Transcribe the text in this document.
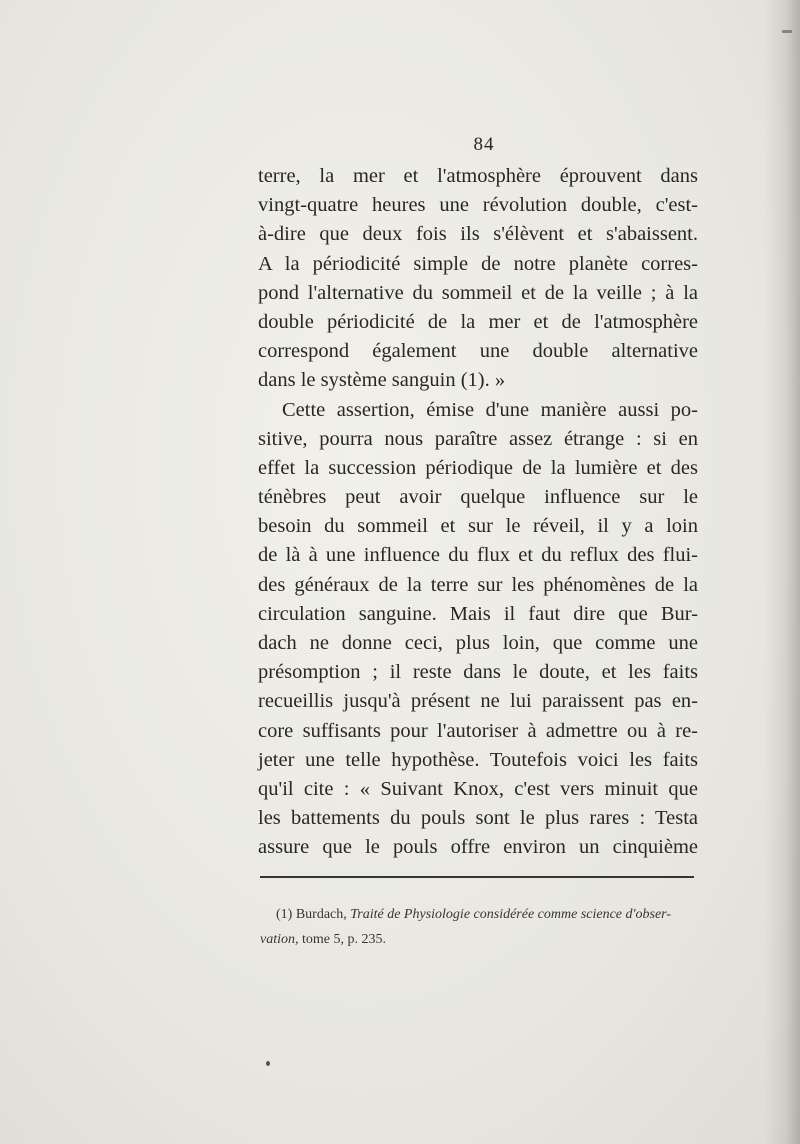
84
terre, la mer et l'atmosphère éprouvent dans
vingt-quatre heures une révolution double, c'est-
à-dire que deux fois ils s'élèvent et s'abaissent.
A la périodicité simple de notre planète corres-
pond l'alternative du sommeil et de la veille ; à la
double périodicité de la mer et de l'atmosphère
correspond également une double alternative
dans le système sanguin (1). »
Cette assertion, émise d'une manière aussi po-
sitive, pourra nous paraître assez étrange : si en
effet la succession périodique de la lumière et des
ténèbres peut avoir quelque influence sur le
besoin du sommeil et sur le réveil, il y a loin
de là à une influence du flux et du reflux des flui-
des généraux de la terre sur les phénomènes de la
circulation sanguine. Mais il faut dire que Bur-
dach ne donne ceci, plus loin, que comme une
présomption ; il reste dans le doute, et les faits
recueillis jusqu'à présent ne lui paraissent pas en-
core suffisants pour l'autoriser à admettre ou à re-
jeter une telle hypothèse. Toutefois voici les faits
qu'il cite : « Suivant Knox, c'est vers minuit que
les battements du pouls sont le plus rares : Testa
assure que le pouls offre environ un cinquième
(1) Burdach, Traité de Physiologie considérée comme science d'obser-
vation, tome 5, p. 235.
